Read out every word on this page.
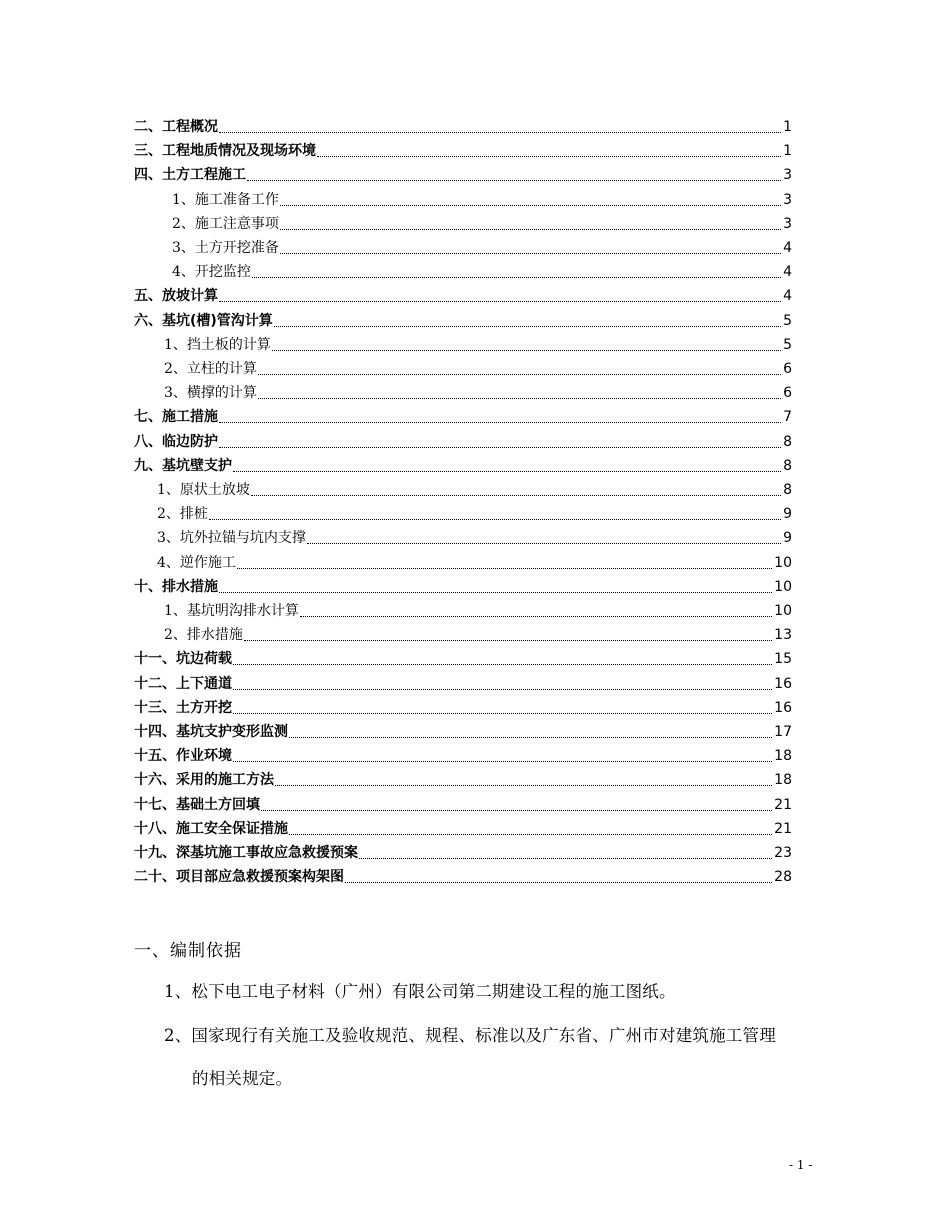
二、工程概况	1
三、工程地质情况及现场环境	1
四、土方工程施工	3
1、施工准备工作	3
2、施工注意事项	3
3、土方开挖准备	4
4、开挖监控	4
五、放坡计算	4
六、基坑(槽)管沟计算	5
1、挡土板的计算	5
2、立柱的计算	6
3、横撑的计算	6
七、施工措施	7
八、临边防护	8
九、基坑壁支护	8
1、原状土放坡	8
2、排桩	9
3、坑外拉锚与坑内支撑	9
4、逆作施工	10
十、排水措施	10
1、基坑明沟排水计算	10
2、排水措施	13
十一、坑边荷载	15
十二、上下通道	16
十三、土方开挖	16
十四、基坑支护变形监测	17
十五、作业环境	18
十六、采用的施工方法	18
十七、基础土方回填	21
十八、施工安全保证措施	21
十九、深基坑施工事故应急救援预案	23
二十、项目部应急救援预案构架图	28
一、编制依据
1、松下电工电子材料（广州）有限公司第二期建设工程的施工图纸。
2、国家现行有关施工及验收规范、规程、标准以及广东省、广州市对建筑施工管理
的相关规定。
- 1 -
